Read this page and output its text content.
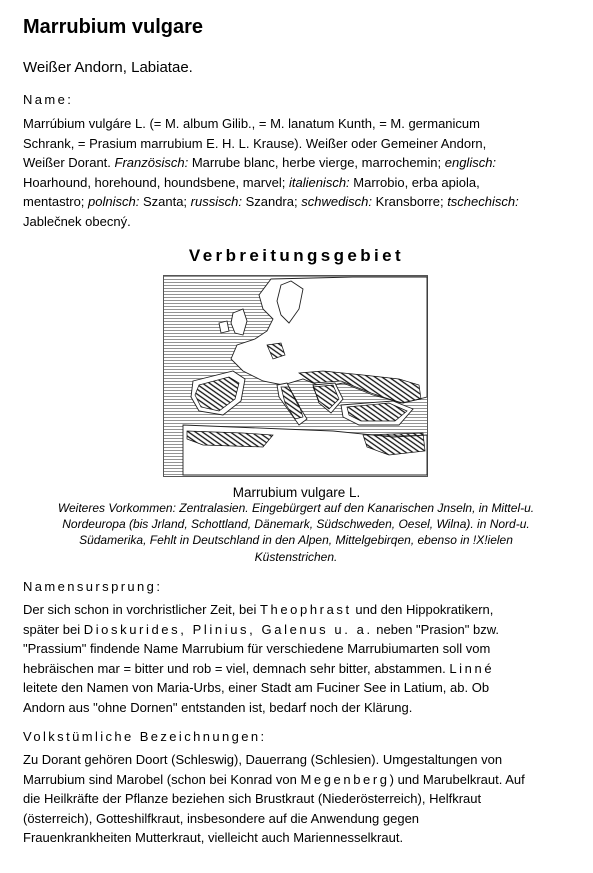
Marrubium vulgare
Weißer Andorn, Labiatae.
Name:
Marrúbium vulgáre L. (= M. album Gilib., = M. lanatum Kunth, = M. germanicum
Schrank, = Prasium marrubium E. H. L. Krause). Weißer oder Gemeiner Andorn,
Weißer Dorant. Französisch: Marrube blanc, herbe vierge, marrochemin; englisch:
Hoarhound, horehound, houndsbene, marvel; italienisch: Marrobio, erba apiola,
mentastro; polnisch: Szanta; russisch: Szandra; schwedisch: Kransborre; tschechisch:
Jablečnek obecný.
Verbreitungsgebiet
Marrubium vulgare L.
Weiteres Vorkommen: Zentralasien. Eingebürgert auf den Kanarischen Jnseln, in Mittel-u.
Nordeuropa (bis Jrland, Schottland, Dänemark, Südschweden, Oesel, Wilna). in Nord-u.
Südamerika, Fehlt in Deutschland in den Alpen, Mittelgebirqen, ebenso in !X!ielen
Küstenstrichen.
Namensursprung:
Der sich schon in vorchristlicher Zeit, bei Theophrast und den Hippokratikern,
später bei Dioskurides, Plinius, Galenus u. a. neben "Prasion" bzw.
"Prassium" findende Name Marrubium für verschiedene Marrubiumarten soll vom
hebräischen mar = bitter und rob = viel, demnach sehr bitter, abstammen. Linné
leitete den Namen von Maria-Urbs, einer Stadt am Fuciner See in Latium, ab. Ob
Andorn aus "ohne Dornen" entstanden ist, bedarf noch der Klärung.
Volkstümliche Bezeichnungen:
Zu Dorant gehören Doort (Schleswig), Dauerrang (Schlesien). Umgestaltungen von
Marrubium sind Marobel (schon bei Konrad von Megenberg) und Marubelkraut. Auf
die Heilkräfte der Pflanze beziehen sich Brustkraut (Niederösterreich), Helfkraut
(österreich), Gotteshilfkraut, insbesondere auf die Anwendung gegen
Frauenkrankheiten Mutterkraut, vielleicht auch Mariennesselkraut.
